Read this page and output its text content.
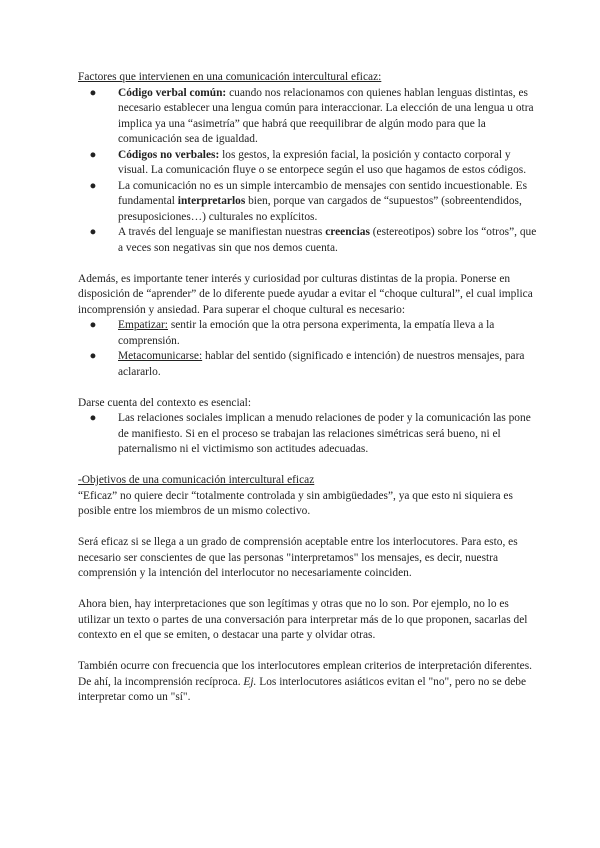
Factores que intervienen en una comunicación intercultural eficaz:

●	Código verbal común: cuando nos relacionamos con quienes hablan lenguas distintas, es necesario establecer una lengua común para interaccionar. La elección de una lengua u otra implica ya una “asimetría” que habrá que reequilibrar de algún modo para que la comunicación sea de igualdad.
●	Códigos no verbales: los gestos, la expresión facial, la posición y contacto corporal y visual. La comunicación fluye o se entorpece según el uso que hagamos de estos códigos.
●	La comunicación no es un simple intercambio de mensajes con sentido incuestionable. Es fundamental interpretarlos bien, porque van cargados de “supuestos” (sobreentendidos, presuposiciones…) culturales no explícitos.
●	A través del lenguaje se manifiestan nuestras creencias (estereotipos) sobre los “otros”, que a veces son negativas sin que nos demos cuenta.

Además, es importante tener interés y curiosidad por culturas distintas de la propia. Ponerse en disposición de “aprender” de lo diferente puede ayudar a evitar el “choque cultural”, el cual implica incomprensión y ansiedad. Para superar el choque cultural es necesario:

●	Empatizar: sentir la emoción que la otra persona experimenta, la empatía lleva a la comprensión.
●	Metacomunicarse: hablar del sentido (significado e intención) de nuestros mensajes, para aclararlo.

Darse cuenta del contexto es esencial:

●	Las relaciones sociales implican a menudo relaciones de poder y la comunicación las pone de manifiesto. Si en el proceso se trabajan las relaciones simétricas será bueno, ni el paternalismo ni el victimismo son actitudes adecuadas.

-Objetivos de una comunicación intercultural eficaz

“Eficaz” no quiere decir “totalmente controlada y sin ambigüedades”, ya que esto ni siquiera es posible entre los miembros de un mismo colectivo.

Será eficaz si se llega a un grado de comprensión aceptable entre los interlocutores. Para esto, es necesario ser conscientes de que las personas "interpretamos" los mensajes, es decir, nuestra comprensión y la intención del interlocutor no necesariamente coinciden.

Ahora bien, hay interpretaciones que son legítimas y otras que no lo son. Por ejemplo, no lo es utilizar un texto o partes de una conversación para interpretar más de lo que proponen, sacarlas del contexto en el que se emiten, o destacar una parte y olvidar otras.

También ocurre con frecuencia que los interlocutores emplean criterios de interpretación diferentes. De ahí, la incomprensión recíproca. Ej. Los interlocutores asiáticos evitan el "no", pero no se debe interpretar como un "sí".
